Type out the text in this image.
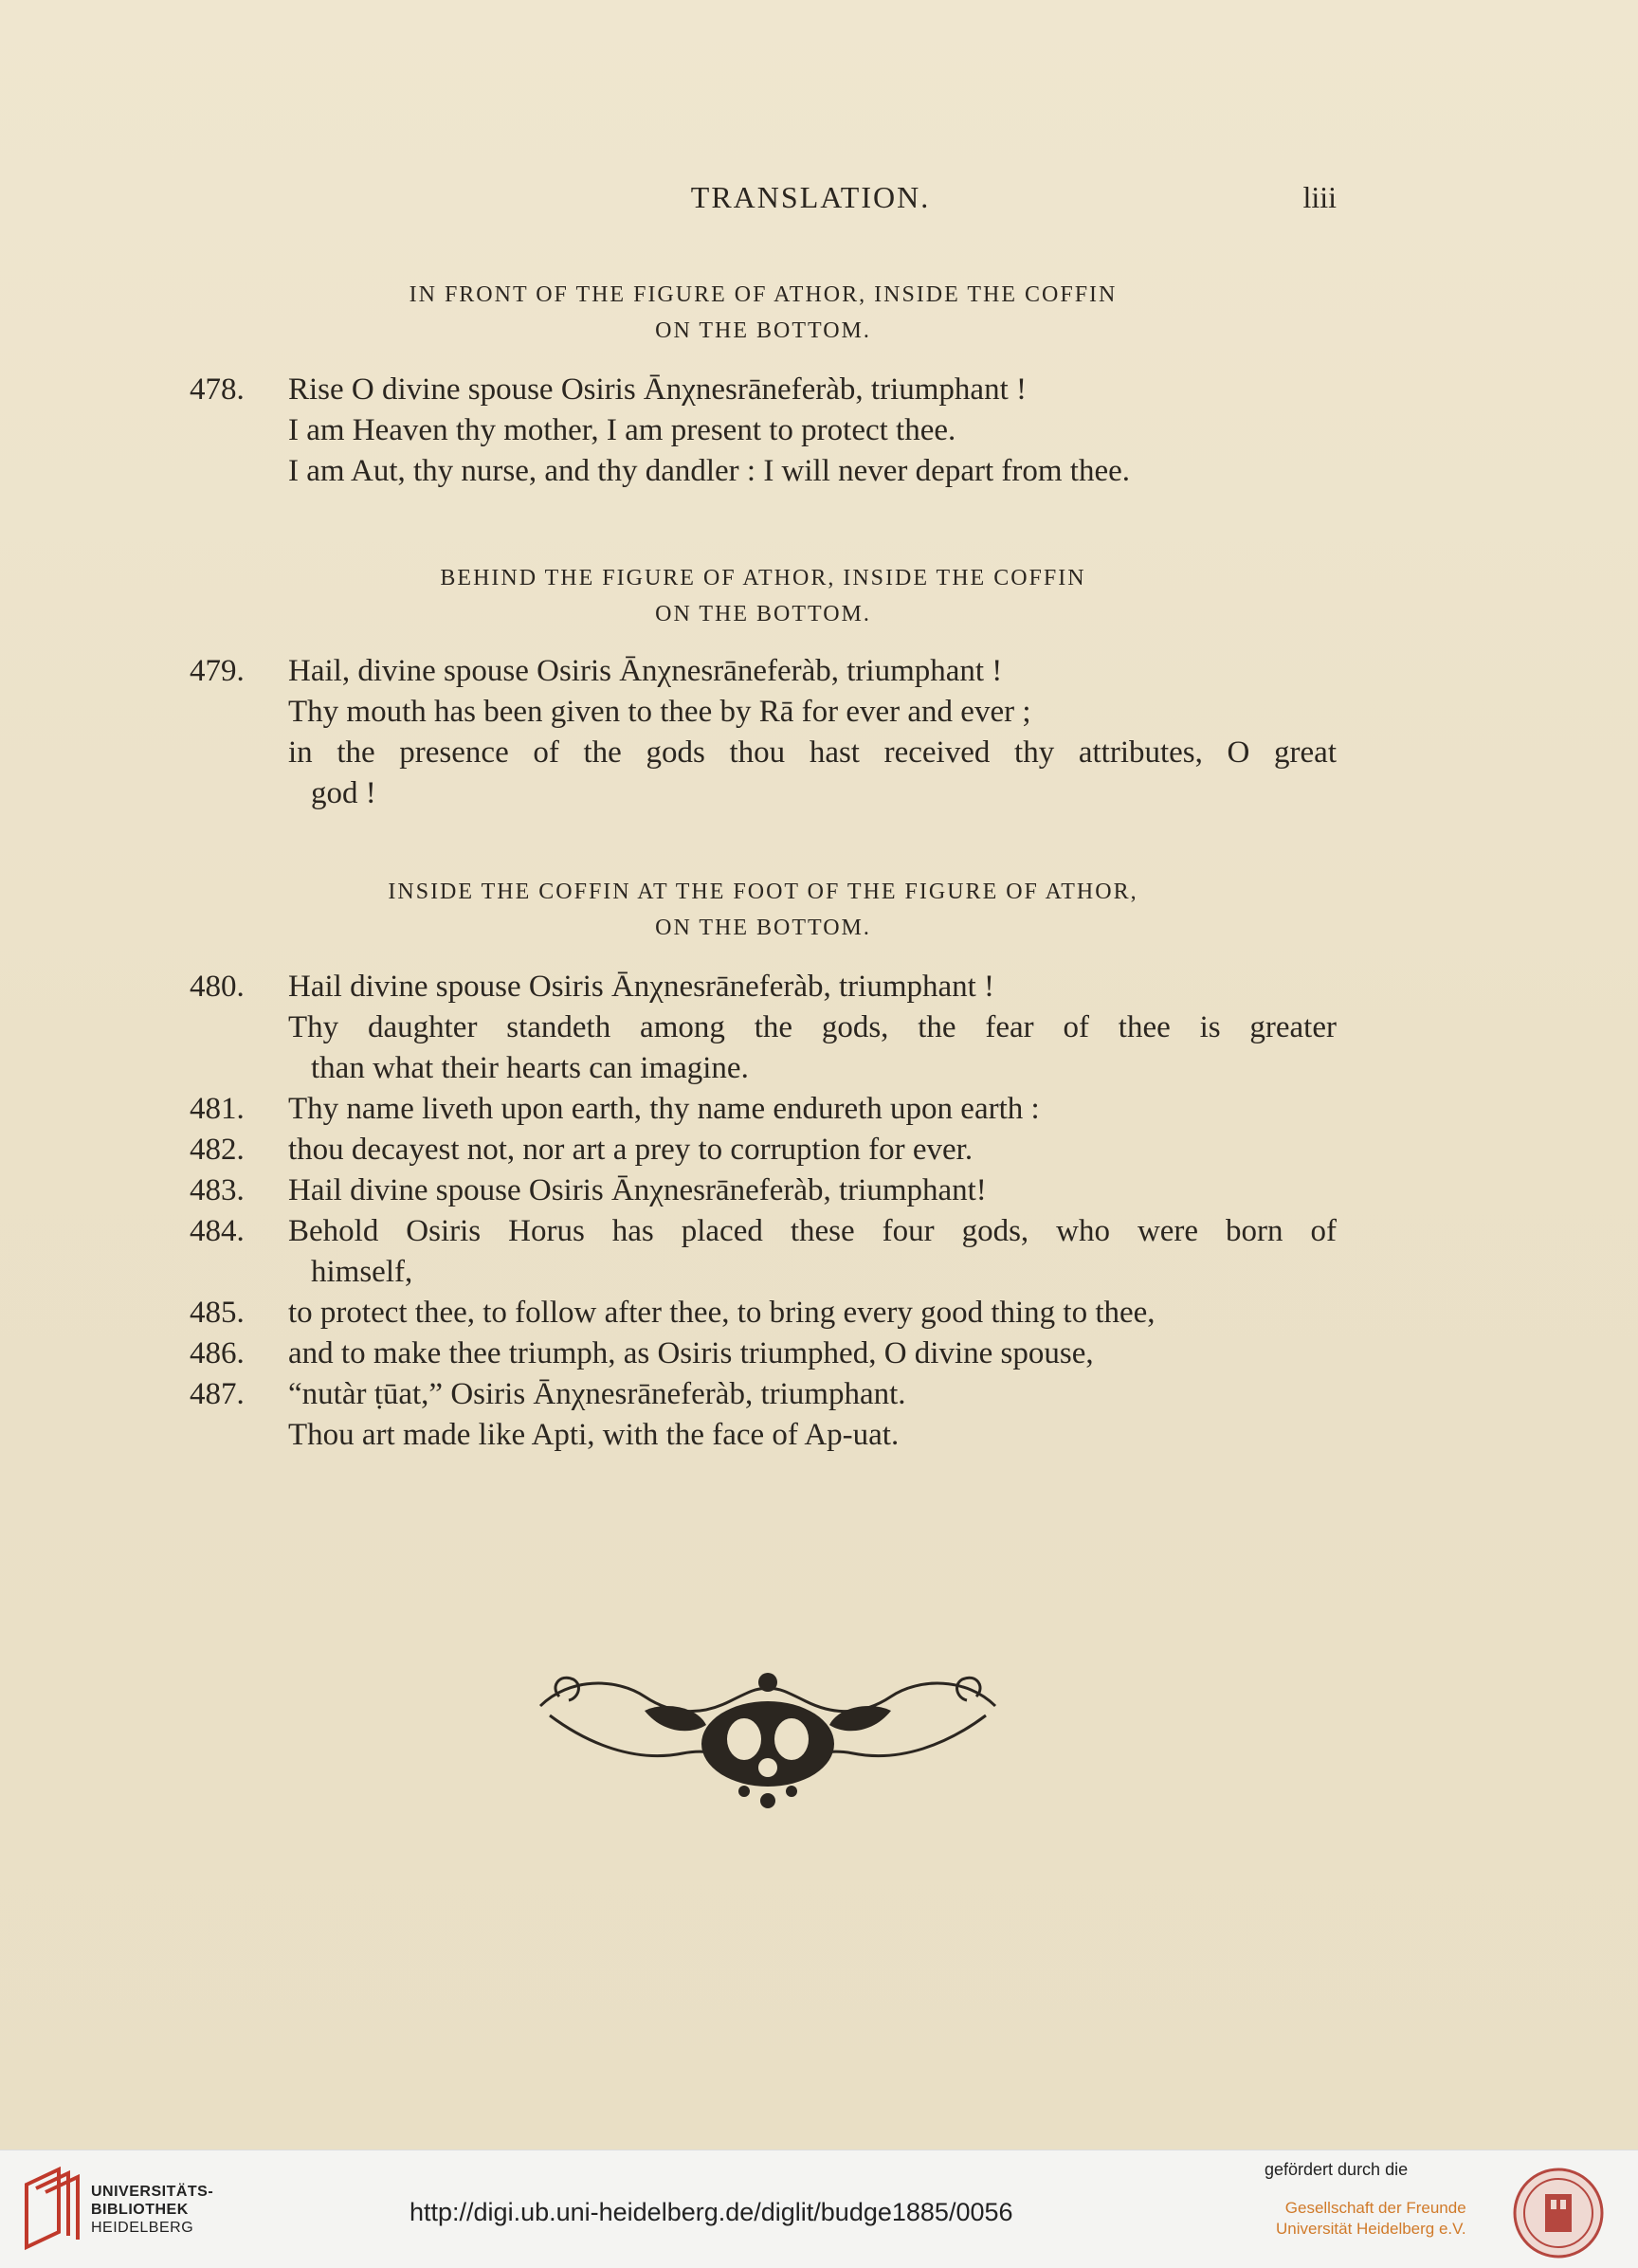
TRANSLATION.	liii
IN FRONT OF THE FIGURE OF ATHOR, INSIDE THE COFFIN
ON THE BOTTOM.
478. Rise O divine spouse Osiris Ānχnesrāneferàb, triumphant !
I am Heaven thy mother, I am present to protect thee.
I am Aut, thy nurse, and thy dandler : I will never depart from thee.
BEHIND THE FIGURE OF ATHOR, INSIDE THE COFFIN
ON THE BOTTOM.
479. Hail, divine spouse Osiris Ānχnesrāneferàb, triumphant !
Thy mouth has been given to thee by Rā for ever and ever ;
in the presence of the gods thou hast received thy attributes, O great
god !
INSIDE THE COFFIN AT THE FOOT OF THE FIGURE OF ATHOR,
ON THE BOTTOM.
480. Hail divine spouse Osiris Ānχnesrāneferàb, triumphant !
Thy daughter standeth among the gods, the fear of thee is greater
than what their hearts can imagine.
481. Thy name liveth upon earth, thy name endureth upon earth :
482. thou decayest not, nor art a prey to corruption for ever.
483. Hail divine spouse Osiris Ānχnesrāneferàb, triumphant!
484. Behold Osiris Horus has placed these four gods, who were born of
himself,
485. to protect thee, to follow after thee, to bring every good thing to thee,
486. and to make thee triumph, as Osiris triumphed, O divine spouse,
487. “nutàr ṭūat,” Osiris Ānχnesrāneferàb, triumphant.
Thou art made like Apti, with the face of Ap-uat.
UNIVERSITÄTS-
BIBLIOTHEK
HEIDELBERG
http://digi.ub.uni-heidelberg.de/diglit/budge1885/0056
gefördert durch die
Gesellschaft der Freunde
Universität Heidelberg e.V.
